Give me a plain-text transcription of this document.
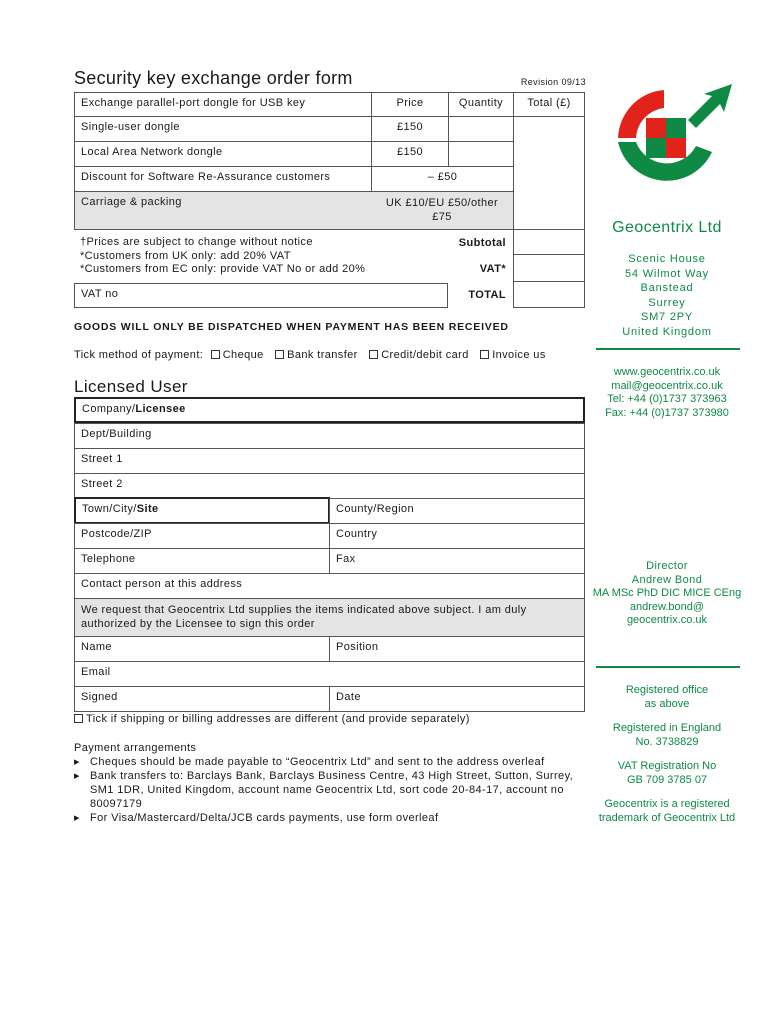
Security key exchange order form	Revision 09/13
Exchange parallel-port dongle for USB key	Price	Quantity	Total (£)
Single-user dongle	£150
Local Area Network dongle	£150
Discount for Software Re-Assurance customers	– £50
Carriage & packing	UK £10/EU £50/other £75
†Prices are subject to change without notice
*Customers from UK only: add 20% VAT
*Customers from EC only: provide VAT No or add 20%
Subtotal
VAT*
VAT no	TOTAL
GOODS WILL ONLY BE DISPATCHED WHEN PAYMENT HAS BEEN RECEIVED
Tick method of payment: Cheque Bank transfer Credit/debit card Invoice us
Licensed User
Company/Licensee
Dept/Building
Street 1
Street 2
Town/City/Site	County/Region
Postcode/ZIP	Country
Telephone	Fax
Contact person at this address
We request that Geocentrix Ltd supplies the items indicated above subject. I am duly authorized by the Licensee to sign this order
Name	Position
Email
Signed	Date
Tick if shipping or billing addresses are different (and provide separately)
Payment arrangements
▸ Cheques should be made payable to “Geocentrix Ltd” and sent to the address overleaf
▸ Bank transfers to: Barclays Bank, Barclays Business Centre, 43 High Street, Sutton, Surrey, SM1 1DR, United Kingdom, account name Geocentrix Ltd, sort code 20-84-17, account no 80097179
▸ For Visa/Mastercard/Delta/JCB cards payments, use form overleaf
Geocentrix Ltd
Scenic House
54 Wilmot Way
Banstead
Surrey
SM7 2PY
United Kingdom
www.geocentrix.co.uk
mail@geocentrix.co.uk
Tel: +44 (0)1737 373963
Fax: +44 (0)1737 373980
Director
Andrew Bond
MA MSc PhD DIC MICE CEng
andrew.bond@
geocentrix.co.uk
Registered office
as above
Registered in England
No. 3738829
VAT Registration No
GB 709 3785 07
Geocentrix is a registered
trademark of Geocentrix Ltd
